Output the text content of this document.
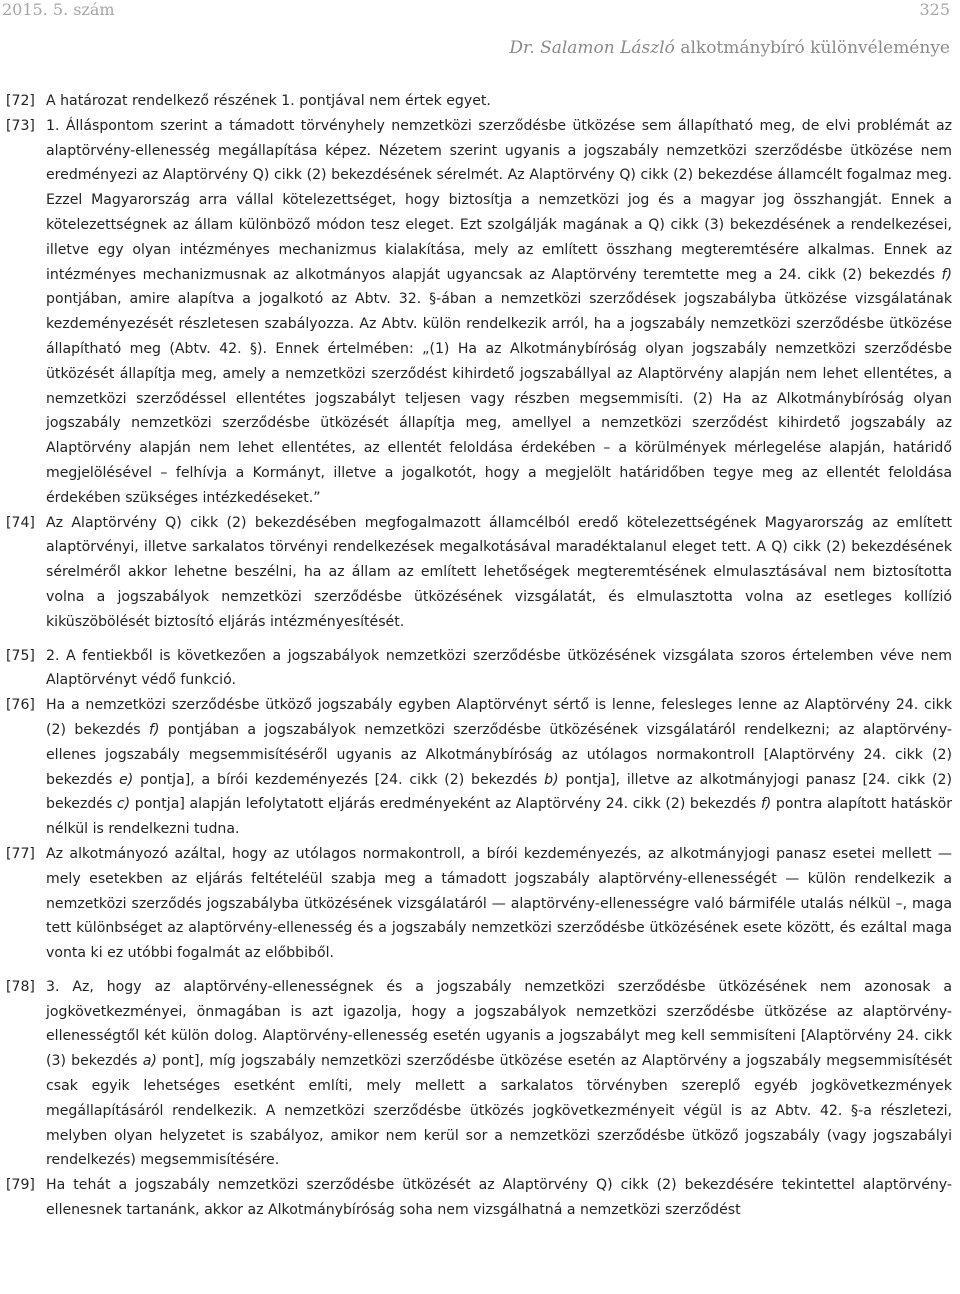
2015. 5. szám	325
Dr. Salamon László alkotmánybíró különvéleménye
[72] A határozat rendelkező részének 1. pontjával nem értek egyet.
[73] 1. Álláspontom szerint a támadott törvényhely nemzetközi szerződésbe ütközése sem állapítható meg, de elvi problémát az alaptörvény-ellenesség megállapítása képez. Nézetem szerint ugyanis a jogszabály nemzetközi szerződésbe ütközése nem eredményezi az Alaptörvény Q) cikk (2) bekezdésének sérelmét. Az Alaptörvény Q) cikk (2) bekezdése államcélt fogalmaz meg. Ezzel Magyarország arra vállal kötelezettséget, hogy biztosítja a nemzetközi jog és a magyar jog összhangját. Ennek a kötelezettségnek az állam különböző módon tesz eleget. Ezt szolgálják magának a Q) cikk (3) bekezdésének a rendelkezései, illetve egy olyan intézményes mechanizmus kialakítása, mely az említett összhang megteremtésére alkalmas. Ennek az intézményes mechanizmusnak az alkotmányos alapját ugyancsak az Alaptörvény teremtette meg a 24. cikk (2) bekezdés f) pontjában, amire alapítva a jogalkotó az Abtv. 32. §-ában a nemzetközi szerződések jogszabályba ütközése vizsgálatának kezdeményezését részletesen szabályozza. Az Abtv. külön rendelkezik arról, ha a jogszabály nemzetközi szerződésbe ütközése állapítható meg (Abtv. 42. §). Ennek értelmében: „(1) Ha az Alkotmánybíróság olyan jogszabály nemzetközi szerződésbe ütközését állapítja meg, amely a nemzetközi szerződést kihirdető jogszabállyal az Alaptörvény alapján nem lehet ellentétes, a nemzetközi szerződéssel ellentétes jogszabályt teljesen vagy részben megsemmisíti. (2) Ha az Alkotmánybíróság olyan jogszabály nemzetközi szerződésbe ütközését állapítja meg, amellyel a nemzetközi szerződést kihirdető jogszabály az Alaptörvény alapján nem lehet ellentétes, az ellentét feloldása érdekében – a körülmények mérlegelése alapján, határidő megjelölésével – felhívja a Kormányt, illetve a jogalkotót, hogy a megjelölt határidőben tegye meg az ellentét feloldása érdekében szükséges intézkedéseket.”
[74] Az Alaptörvény Q) cikk (2) bekezdésében megfogalmazott államcélból eredő kötelezettségének Magyarország az említett alaptörvényi, illetve sarkalatos törvényi rendelkezések megalkotásával maradéktalanul eleget tett. A Q) cikk (2) bekezdésének sérelméről akkor lehetne beszélni, ha az állam az említett lehetőségek megteremtésének elmulasztásával nem biztosította volna a jogszabályok nemzetközi szerződésbe ütközésének vizsgálatát, és elmulasztotta volna az esetleges kollízió kiküszöbölését biztosító eljárás intézményesítését.
[75] 2. A fentiekből is következően a jogszabályok nemzetközi szerződésbe ütközésének vizsgálata szoros értelemben véve nem Alaptörvényt védő funkció.
[76] Ha a nemzetközi szerződésbe ütköző jogszabály egyben Alaptörvényt sértő is lenne, felesleges lenne az Alaptörvény 24. cikk (2) bekezdés f) pontjában a jogszabályok nemzetközi szerződésbe ütközésének vizsgálatáról rendelkezni; az alaptörvény-ellenes jogszabály megsemmisítéséről ugyanis az Alkotmánybíróság az utólagos normakontroll [Alaptörvény 24. cikk (2) bekezdés e) pontja], a bírói kezdeményezés [24. cikk (2) bekezdés b) pontja], illetve az alkotmányjogi panasz [24. cikk (2) bekezdés c) pontja] alapján lefolytatott eljárás eredményeként az Alaptörvény 24. cikk (2) bekezdés f) pontra alapított hatáskör nélkül is rendelkezni tudna.
[77] Az alkotmányozó azáltal, hogy az utólagos normakontroll, a bírói kezdeményezés, az alkotmányjogi panasz esetei mellett — mely esetekben az eljárás feltételéül szabja meg a támadott jogszabály alaptörvény-ellenességét — külön rendelkezik a nemzetközi szerződés jogszabályba ütközésének vizsgálatáról — alaptörvény-ellenességre való bármiféle utalás nélkül –, maga tett különbséget az alaptörvény-ellenesség és a jogszabály nemzetközi szerződésbe ütközésének esete között, és ezáltal maga vonta ki ez utóbbi fogalmát az előbbiből.
[78] 3. Az, hogy az alaptörvény-ellenességnek és a jogszabály nemzetközi szerződésbe ütközésének nem azonosak a jogkövetkezményei, önmagában is azt igazolja, hogy a jogszabályok nemzetközi szerződésbe ütközése az alaptörvény-ellenességtől két külön dolog. Alaptörvény-ellenesség esetén ugyanis a jogszabályt meg kell semmisíteni [Alaptörvény 24. cikk (3) bekezdés a) pont], míg jogszabály nemzetközi szerződésbe ütközése esetén az Alaptörvény a jogszabály megsemmisítését csak egyik lehetséges esetként említi, mely mellett a sarkalatos törvényben szereplő egyéb jogkövetkezmények megállapításáról rendelkezik. A nemzetközi szerződésbe ütközés jogkövetkezményeit végül is az Abtv. 42. §-a részletezi, melyben olyan helyzetet is szabályoz, amikor nem kerül sor a nemzetközi szerződésbe ütköző jogszabály (vagy jogszabályi rendelkezés) megsemmisítésére.
[79] Ha tehát a jogszabály nemzetközi szerződésbe ütközését az Alaptörvény Q) cikk (2) bekezdésére tekintettel alaptörvény-ellenesnek tartanánk, akkor az Alkotmánybíróság soha nem vizsgálhatná a nemzetközi szerződést
